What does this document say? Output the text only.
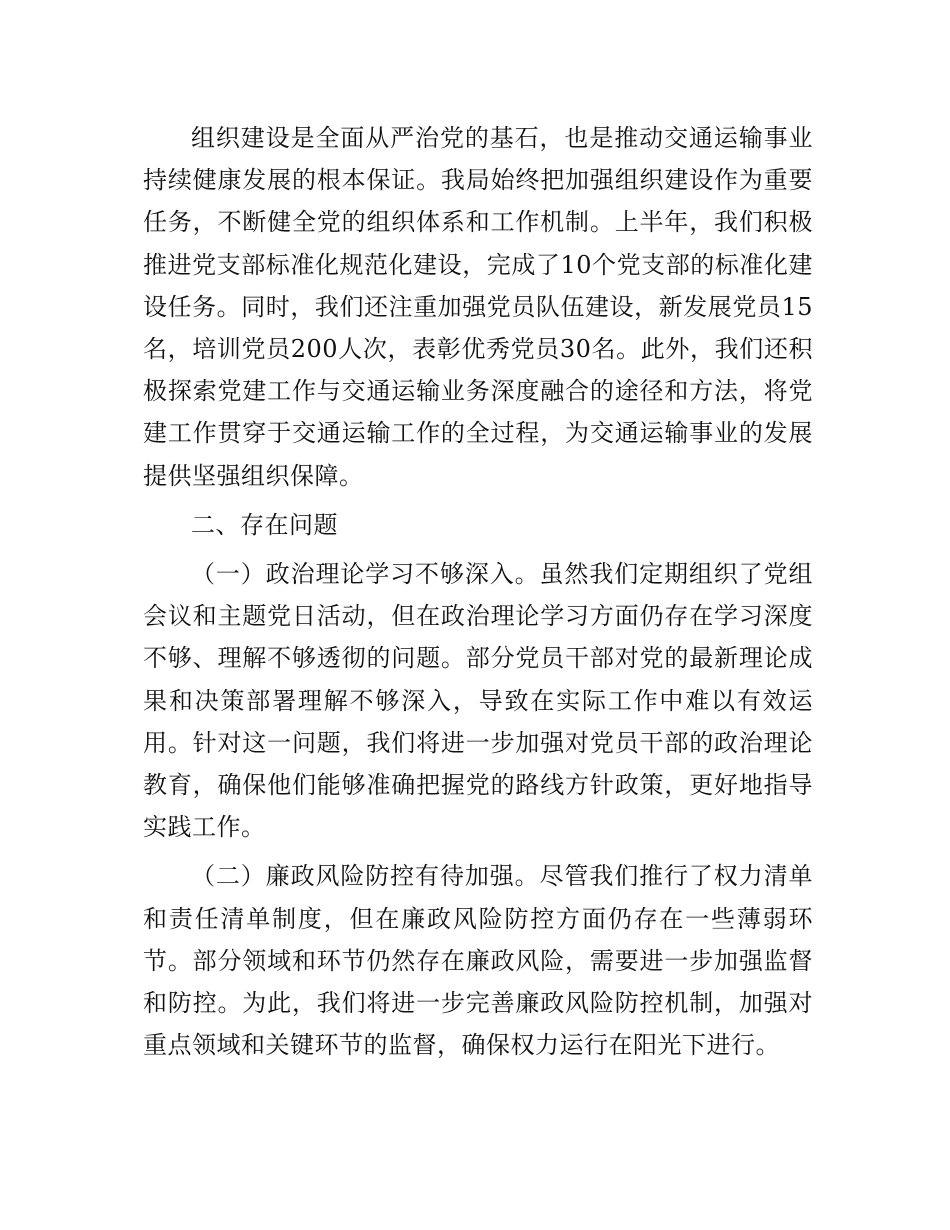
组织建设是全面从严治党的基石，也是推动交通运输事业持续健康发展的根本保证。我局始终把加强组织建设作为重要任务，不断健全党的组织体系和工作机制。上半年，我们积极推进党支部标准化规范化建设，完成了10个党支部的标准化建设任务。同时，我们还注重加强党员队伍建设，新发展党员15名，培训党员200人次，表彰优秀党员30名。此外，我们还积极探索党建工作与交通运输业务深度融合的途径和方法，将党建工作贯穿于交通运输工作的全过程，为交通运输事业的发展提供坚强组织保障。

二、存在问题

（一）政治理论学习不够深入。虽然我们定期组织了党组会议和主题党日活动，但在政治理论学习方面仍存在学习深度不够、理解不够透彻的问题。部分党员干部对党的最新理论成果和决策部署理解不够深入，导致在实际工作中难以有效运用。针对这一问题，我们将进一步加强对党员干部的政治理论教育，确保他们能够准确把握党的路线方针政策，更好地指导实践工作。

（二）廉政风险防控有待加强。尽管我们推行了权力清单和责任清单制度，但在廉政风险防控方面仍存在一些薄弱环节。部分领域和环节仍然存在廉政风险，需要进一步加强监督和防控。为此，我们将进一步完善廉政风险防控机制，加强对重点领域和关键环节的监督，确保权力运行在阳光下进行。
